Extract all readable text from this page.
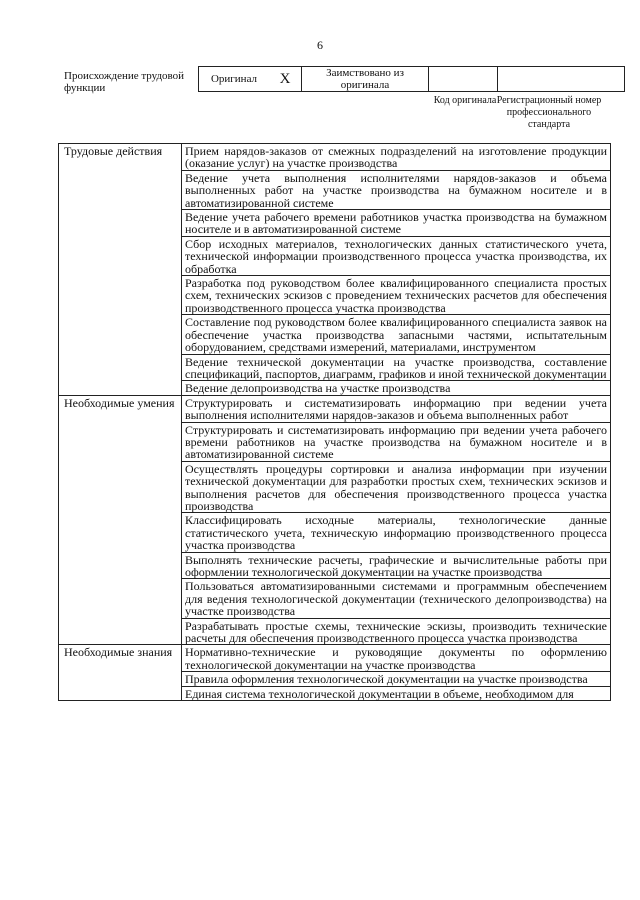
6
Происхождение трудовой функции
Оригинал	X	Заимствовано из оригинала		
Код оригинала Регистрационный номер профессионального стандарта
Трудовые действия	Прием нарядов-заказов от смежных подразделений на изготовление продукции (оказание услуг) на участке производства
	Ведение учета выполнения исполнителями нарядов-заказов и объема выполненных работ на участке производства на бумажном носителе и в автоматизированной системе
	Ведение учета рабочего времени работников участка производства на бумажном носителе и в автоматизированной системе
	Сбор исходных материалов, технологических данных статистического учета, технической информации производственного процесса участка производства, их обработка
	Разработка под руководством более квалифицированного специалиста простых схем, технических эскизов с проведением технических расчетов для обеспечения производственного процесса участка производства
	Составление под руководством более квалифицированного специалиста заявок на обеспечение участка производства запасными частями, испытательным оборудованием, средствами измерений, материалами, инструментом
	Ведение технической документации на участке производства, составление спецификаций, паспортов, диаграмм, графиков и иной технической документации
	Ведение делопроизводства на участке производства
Необходимые умения	Структурировать и систематизировать информацию при ведении учета выполнения исполнителями нарядов-заказов и объема выполненных работ
	Структурировать и систематизировать информацию при ведении учета рабочего времени работников на участке производства на бумажном носителе и в автоматизированной системе
	Осуществлять процедуры сортировки и анализа информации при изучении технической документации для разработки простых схем, технических эскизов и выполнения расчетов для обеспечения производственного процесса участка производства
	Классифицировать исходные материалы, технологические данные статистического учета, техническую информацию производственного процесса участка производства
	Выполнять технические расчеты, графические и вычислительные работы при оформлении технологической документации на участке производства
	Пользоваться автоматизированными системами и программным обеспечением для ведения технологической документации (технического делопроизводства) на участке производства
	Разрабатывать простые схемы, технические эскизы, производить технические расчеты для обеспечения производственного процесса участка производства
Необходимые знания	Нормативно-технические и руководящие документы по оформлению технологической документации на участке производства
	Правила оформления технологической документации на участке производства
	Единая система технологической документации в объеме, необходимом для
